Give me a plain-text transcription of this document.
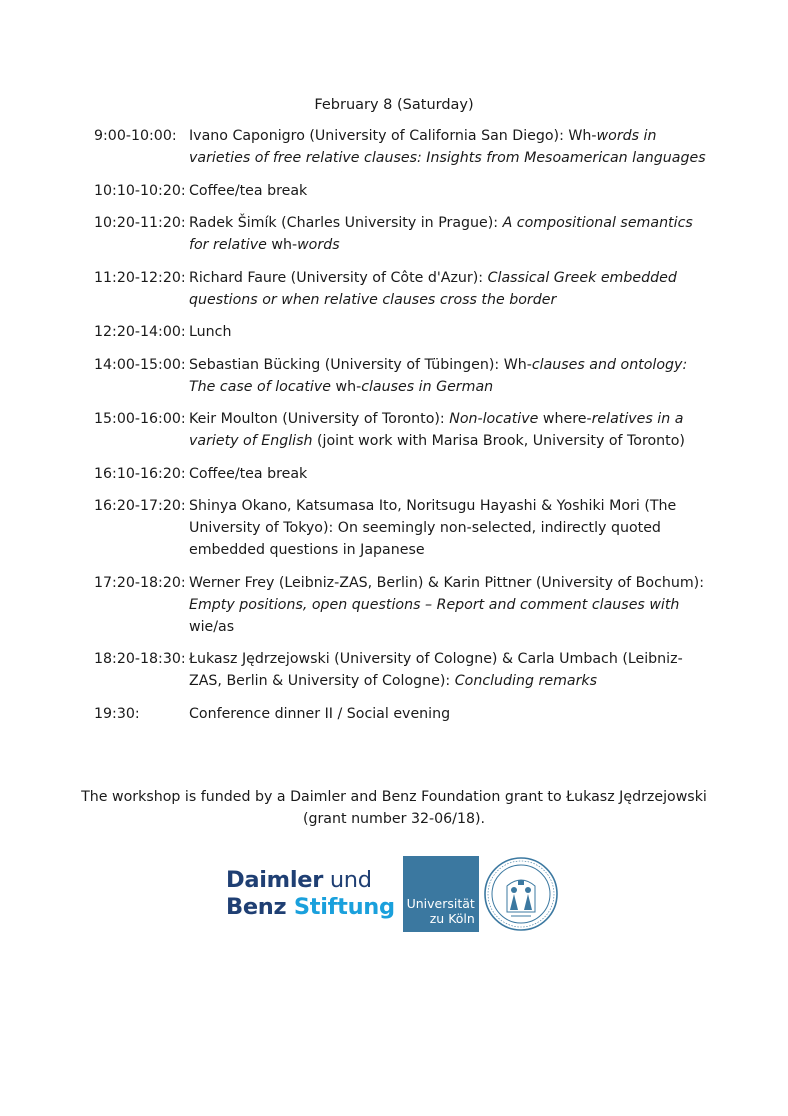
February 8 (Saturday)
9:00-10:00: Ivano Caponigro (University of California San Diego): Wh-words in varieties of free relative clauses: Insights from Mesoamerican languages
10:10-10:20: Coffee/tea break
10:20-11:20: Radek Šimík (Charles University in Prague): A compositional semantics for relative wh-words
11:20-12:20: Richard Faure (University of Côte d'Azur): Classical Greek embedded questions or when relative clauses cross the border
12:20-14:00: Lunch
14:00-15:00: Sebastian Bücking (University of Tübingen): Wh-clauses and ontology: The case of locative wh-clauses in German
15:00-16:00: Keir Moulton (University of Toronto): Non-locative where-relatives in a variety of English (joint work with Marisa Brook, University of Toronto)
16:10-16:20: Coffee/tea break
16:20-17:20: Shinya Okano, Katsumasa Ito, Noritsugu Hayashi & Yoshiki Mori (The University of Tokyo): On seemingly non-selected, indirectly quoted embedded questions in Japanese
17:20-18:20: Werner Frey (Leibniz-ZAS, Berlin) & Karin Pittner (University of Bochum): Empty positions, open questions – Report and comment clauses with wie/as
18:20-18:30: Łukasz Jędrzejowski (University of Cologne) & Carla Umbach (Leibniz-ZAS, Berlin & University of Cologne): Concluding remarks
19:30:	Conference dinner II / Social evening
The workshop is funded by a Daimler and Benz Foundation grant to Łukasz Jędrzejowski
(grant number 32-06/18).
Daimler und
Benz Stiftung Universität
zu Köln
